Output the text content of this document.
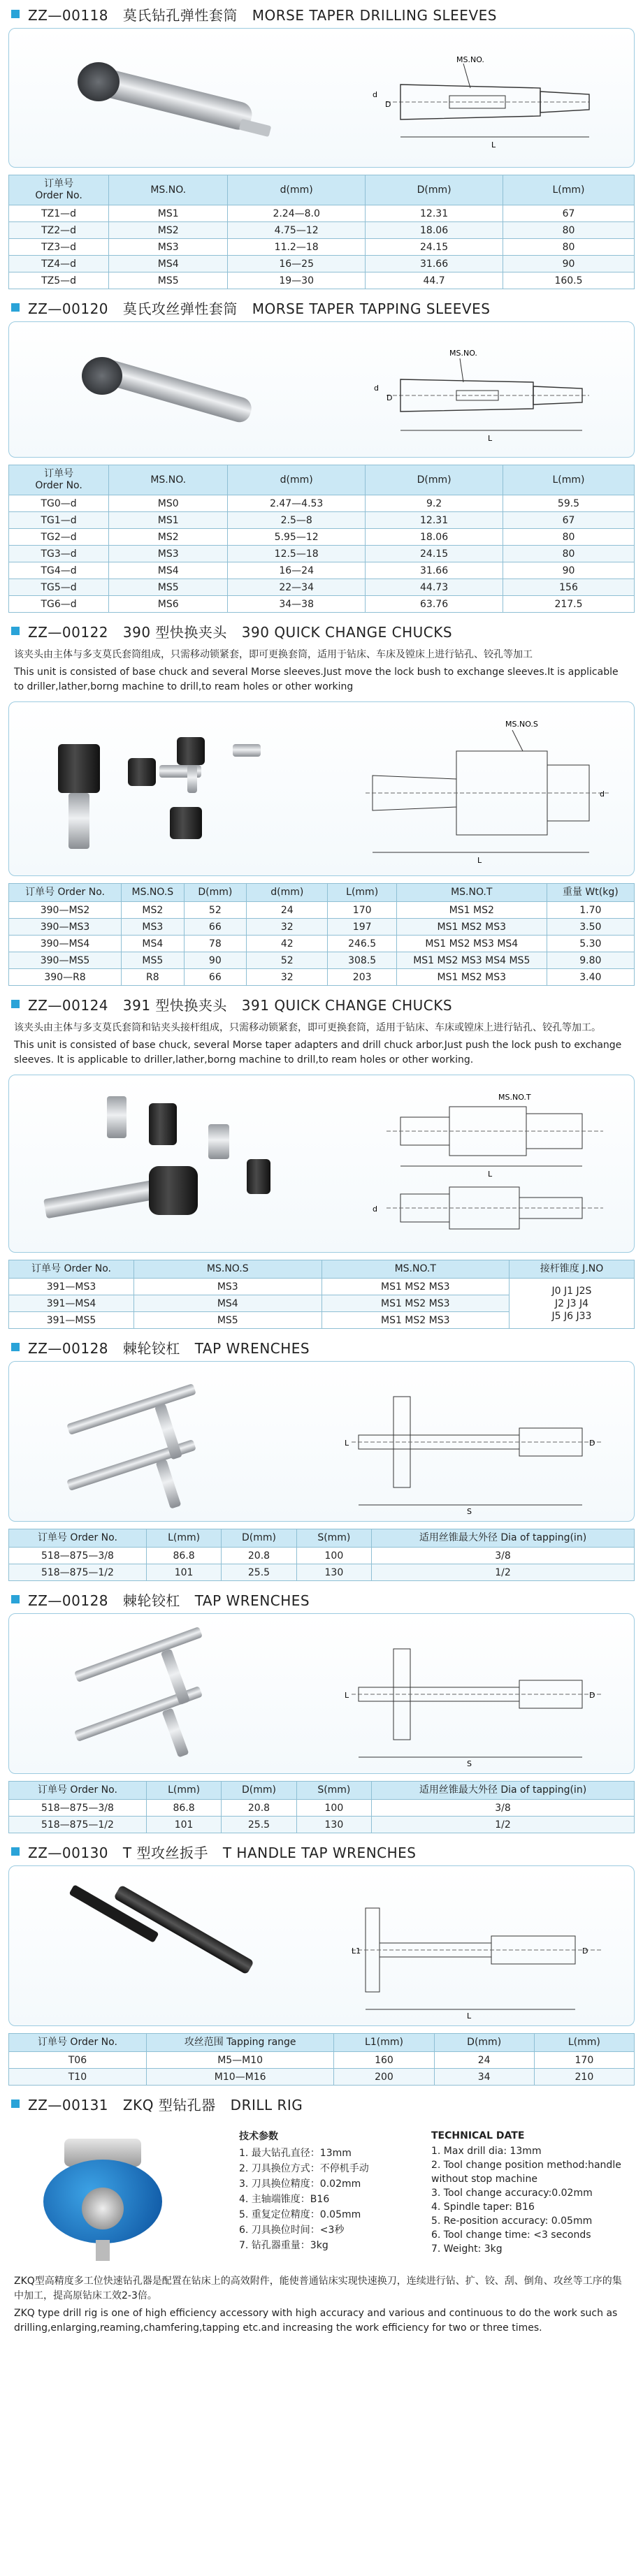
ZZ—00118 莫氏钻孔弹性套筒 MORSE TAPER DRILLING SLEEVES
MS.NO.
d
D
L
订单号
Order No.	MS.NO.	d(mm)	D(mm)	L(mm)
TZ1—d	MS1	2.24—8.0	12.31	67
TZ2—d	MS2	4.75—12	18.06	80
TZ3—d	MS3	11.2—18	24.15	80
TZ4—d	MS4	16—25	31.66	90
TZ5—d	MS5	19—30	44.7	160.5
ZZ—00120 莫氏攻丝弹性套筒 MORSE TAPER TAPPING SLEEVES
MS.NO.
d
D
L
订单号
Order No.	MS.NO.	d(mm)	D(mm)	L(mm)
TG0—d	MS0	2.47—4.53	9.2	59.5
TG1—d	MS1	2.5—8	12.31	67
TG2—d	MS2	5.95—12	18.06	80
TG3—d	MS3	12.5—18	24.15	80
TG4—d	MS4	16—24	31.66	90
TG5—d	MS5	22—34	44.73	156
TG6—d	MS6	34—38	63.76	217.5
ZZ—00122 390 型快换夹头 390 QUICK CHANGE CHUCKS
该夹头由主体与多支莫氏套筒组成，只需移动锁紧套，即可更换套筒，适用于钻床、车床及镗床上进行钻孔、铰孔等加工
This unit is consisted of base chuck and several Morse sleeves.Just move the lock bush to exchange sleeves.It is applicable to driller,lather,borng machine to drill,to ream holes or other working
MS.NO.S
d
L
订单号 Order No.	MS.NO.S	D(mm)	d(mm)	L(mm)	MS.NO.T	重量 Wt(kg)
390—MS2	MS2	52	24	170	MS1 MS2	1.70
390—MS3	MS3	66	32	197	MS1 MS2 MS3	3.50
390—MS4	MS4	78	42	246.5	MS1 MS2 MS3 MS4	5.30
390—MS5	MS5	90	52	308.5	MS1 MS2 MS3 MS4 MS5	9.80
390—R8	R8	66	32	203	MS1 MS2 MS3	3.40
ZZ—00124 391 型快换夹头 391 QUICK CHANGE CHUCKS
该夹头由主体与多支莫氏套筒和钻夹头接杆组成，只需移动锁紧套，即可更换套筒，适用于钻床、车床或镗床上进行钻孔、铰孔等加工。
This unit is consisted of base chuck, several Morse taper adapters and drill chuck arbor.Just push the lock push to exchange sleeves. It is applicable to driller,lather,borng machine to drill,to ream holes or other working.
MS.NO.T
d
L
订单号 Order No.	MS.NO.S	MS.NO.T	接杆锥度 J.NO
391—MS3	MS3	MS1 MS2 MS3	J0 J1 J2S
J2 J3 J4
J5 J6 J33
391—MS4	MS4	MS1 MS2 MS3	
391—MS5	MS5	MS1 MS2 MS3	
ZZ—00128 棘轮铰杠 TAP WRENCHES
L	D
S
订单号 Order No.	L(mm)	D(mm)	S(mm)	适用丝锥最大外径 Dia of tapping(in)
518—875—3/8	86.8	20.8	100	3/8
518—875—1/2	101	25.5	130	1/2
ZZ—00128 棘轮铰杠 TAP WRENCHES
L	D
S
订单号 Order No.	L(mm)	D(mm)	S(mm)	适用丝锥最大外径 Dia of tapping(in)
518—875—3/8	86.8	20.8	100	3/8
518—875—1/2	101	25.5	130	1/2
ZZ—00130 T 型攻丝扳手 T HANDLE TAP WRENCHES
L1
L
D
订单号 Order No.	攻丝范围 Tapping range	L1(mm)	D(mm)	L(mm)
T06	M5—M10	160	24	170
T10	M10—M16	200	34	210
ZZ—00131 ZKQ 型钻孔器 DRILL RIG
技术参数
1. 最大钻孔直径：13mm
2. 刀具换位方式：不停机手动
3. 刀具换位精度：0.02mm
4. 主轴端锥度：B16
5. 重复定位精度：0.05mm
6. 刀具换位时间：<3秒
7. 钻孔器重量：3kg
TECHNICAL DATE
1. Max drill dia: 13mm
2. Tool change position method:handle without stop machine
3. Tool change accuracy:0.02mm
4. Spindle taper: B16
5. Re-position accuracy: 0.05mm
6. Tool change time: <3 seconds
7. Weight: 3kg
ZKQ型高精度多工位快速钻孔器是配置在钻床上的高效附件，能使普通钻床实现快速换刀，连续进行钻、扩、铰、刮、倒角、攻丝等工序的集中加工，提高原钻床工效2-3倍。
ZKQ type drill rig is one of high efficiency accessory with high accuracy and various and continuous to do the work such as drilling,enlarging,reaming,chamfering,tapping etc.and increasing the work efficiency for two or three times.
